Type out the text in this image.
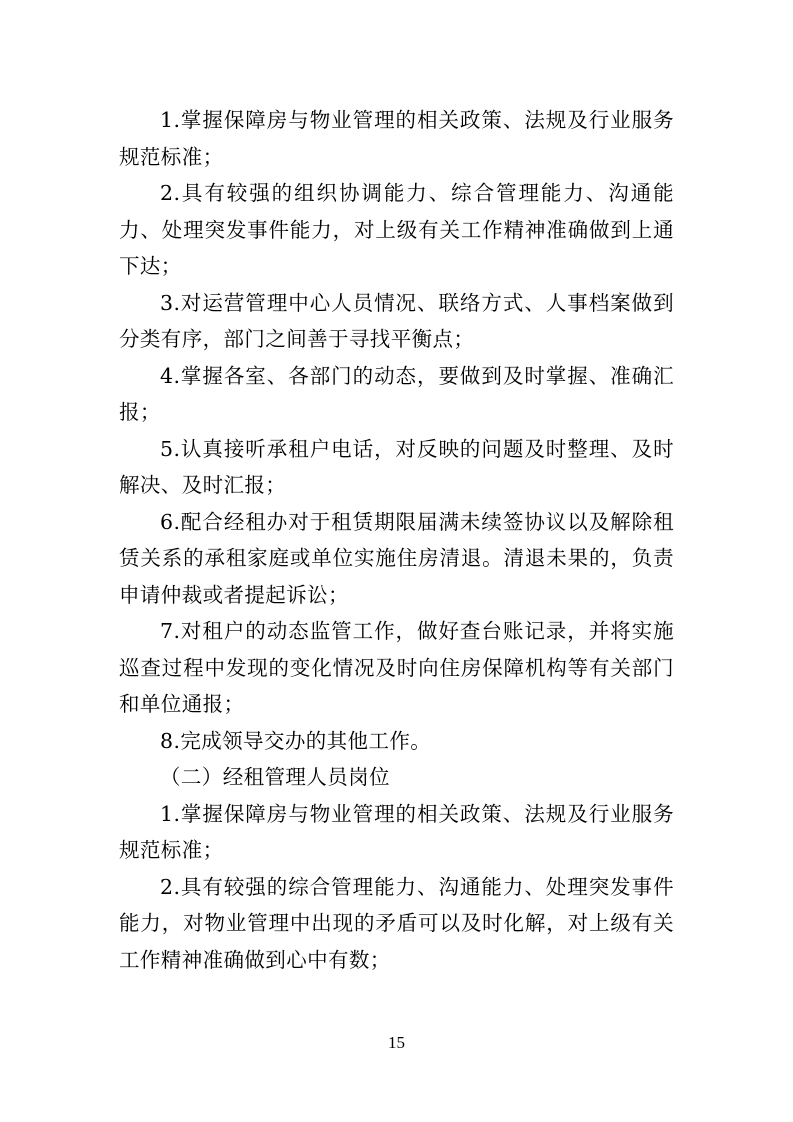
1.掌握保障房与物业管理的相关政策、法规及行业服务规范标准；

2.具有较强的组织协调能力、综合管理能力、沟通能力、处理突发事件能力，对上级有关工作精神准确做到上通下达；

3.对运营管理中心人员情况、联络方式、人事档案做到分类有序，部门之间善于寻找平衡点；

4.掌握各室、各部门的动态，要做到及时掌握、准确汇报；

5.认真接听承租户电话，对反映的问题及时整理、及时解决、及时汇报；

6.配合经租办对于租赁期限届满未续签协议以及解除租赁关系的承租家庭或单位实施住房清退。清退未果的，负责申请仲裁或者提起诉讼；

7.对租户的动态监管工作，做好查台账记录，并将实施巡查过程中发现的变化情况及时向住房保障机构等有关部门和单位通报；

8.完成领导交办的其他工作。

（二）经租管理人员岗位

1.掌握保障房与物业管理的相关政策、法规及行业服务规范标准；

2.具有较强的综合管理能力、沟通能力、处理突发事件能力，对物业管理中出现的矛盾可以及时化解，对上级有关工作精神准确做到心中有数；

15
